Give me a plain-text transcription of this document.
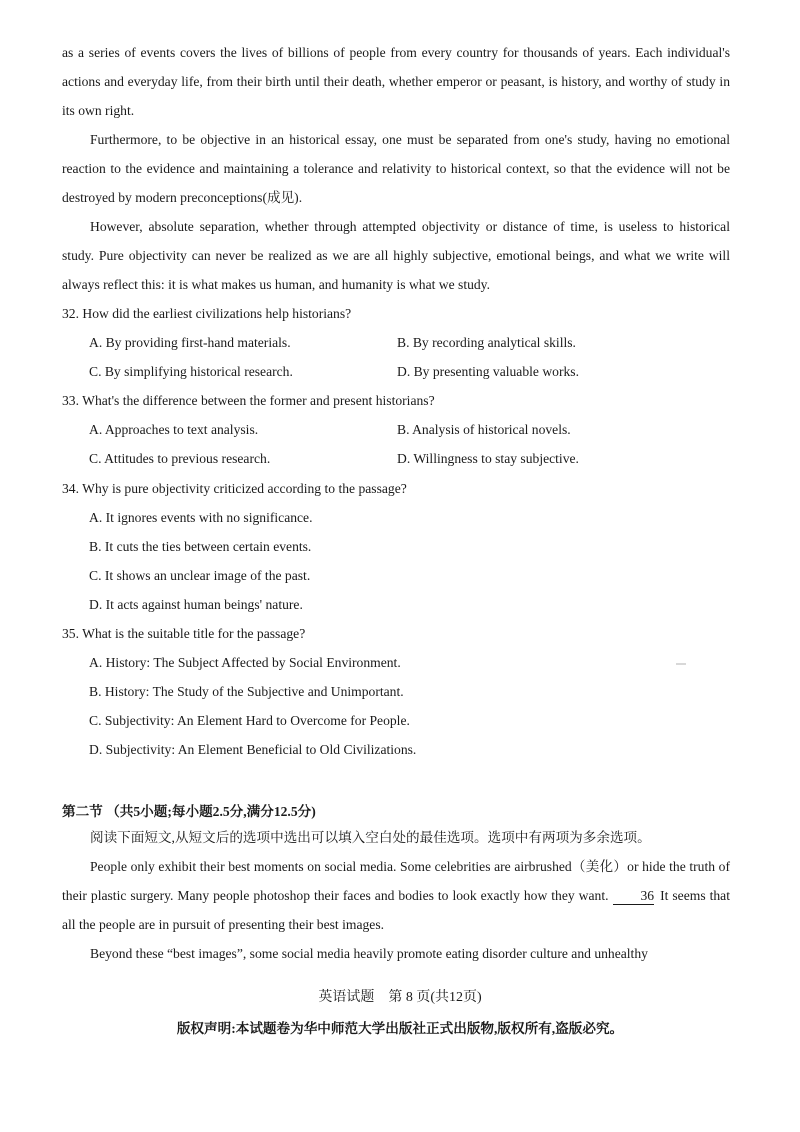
as a series of events covers the lives of billions of people from every country for thousands of years. Each individual's actions and everyday life, from their birth until their death, whether emperor or peasant, is history, and worthy of study in its own right.
Furthermore, to be objective in an historical essay, one must be separated from one's study, having no emotional reaction to the evidence and maintaining a tolerance and relativity to historical context, so that the evidence will not be destroyed by modern preconceptions(成见).
However, absolute separation, whether through attempted objectivity or distance of time, is useless to historical study. Pure objectivity can never be realized as we are all highly subjective, emotional beings, and what we write will always reflect this: it is what makes us human, and humanity is what we study.
32. How did the earliest civilizations help historians?
A. By providing first-hand materials.	B. By recording analytical skills.
C. By simplifying historical research.	D. By presenting valuable works.
33. What's the difference between the former and present historians?
A. Approaches to text analysis.	B. Analysis of historical novels.
C. Attitudes to previous research.	D. Willingness to stay subjective.
34. Why is pure objectivity criticized according to the passage?
A. It ignores events with no significance.
B. It cuts the ties between certain events.
C. It shows an unclear image of the past.
D. It acts against human beings' nature.
35. What is the suitable title for the passage?
A. History: The Subject Affected by Social Environment.
B. History: The Study of the Subjective and Unimportant.
C. Subjectivity: An Element Hard to Overcome for People.
D. Subjectivity: An Element Beneficial to Old Civilizations.
第二节 （共5小题;每小题2.5分,满分12.5分)
阅读下面短文,从短文后的选项中选出可以填入空白处的最佳选项。选项中有两项为多余选项。
People only exhibit their best moments on social media. Some celebrities are airbrushed（美化）or hide the truth of their plastic surgery. Many people photoshop their faces and bodies to look exactly how they want. 36 It seems that all the people are in pursuit of presenting their best images.
Beyond these “best images”, some social media heavily promote eating disorder culture and unhealthy
英语试题　第 8 页(共12页)
版权声明:本试题卷为华中师范大学出版社正式出版物,版权所有,盗版必究。
